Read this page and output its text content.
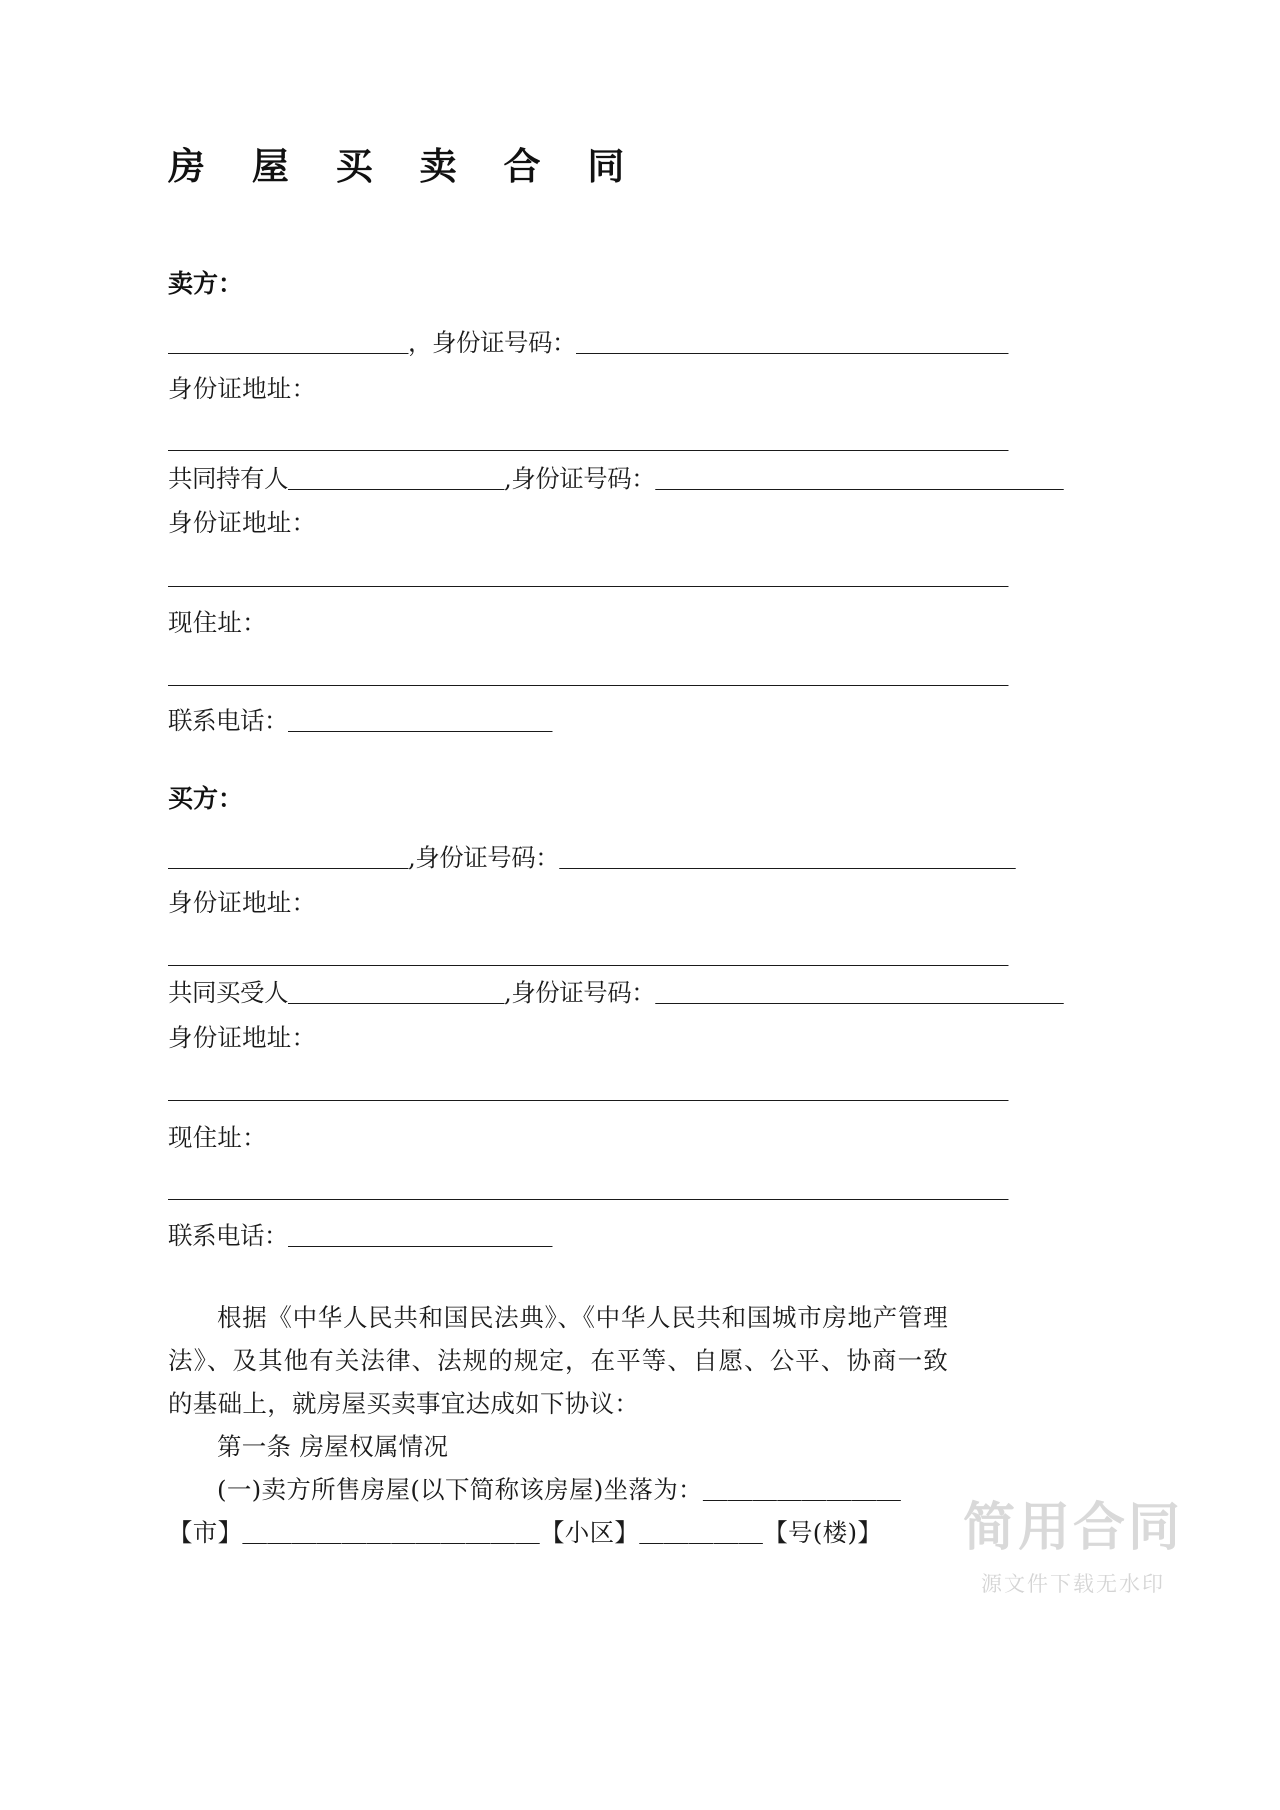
房 屋 买 卖 合 同
卖方：
＿＿＿＿＿＿＿＿＿＿，身份证号码：＿＿＿＿＿＿＿＿＿＿＿＿＿＿＿＿＿＿
身份证地址：
＿＿＿＿＿＿＿＿＿＿＿＿＿＿＿＿＿＿＿＿＿＿＿＿＿＿＿＿＿＿＿＿＿＿＿
共同持有人＿＿＿＿＿＿＿＿＿,身份证号码：＿＿＿＿＿＿＿＿＿＿＿＿＿＿＿＿＿
身份证地址：
＿＿＿＿＿＿＿＿＿＿＿＿＿＿＿＿＿＿＿＿＿＿＿＿＿＿＿＿＿＿＿＿＿＿＿
现住址：
＿＿＿＿＿＿＿＿＿＿＿＿＿＿＿＿＿＿＿＿＿＿＿＿＿＿＿＿＿＿＿＿＿＿＿
联系电话：＿＿＿＿＿＿＿＿＿＿＿
买方：
＿＿＿＿＿＿＿＿＿＿,身份证号码：＿＿＿＿＿＿＿＿＿＿＿＿＿＿＿＿＿＿＿
身份证地址：
＿＿＿＿＿＿＿＿＿＿＿＿＿＿＿＿＿＿＿＿＿＿＿＿＿＿＿＿＿＿＿＿＿＿＿
共同买受人＿＿＿＿＿＿＿＿＿,身份证号码：＿＿＿＿＿＿＿＿＿＿＿＿＿＿＿＿＿
身份证地址：
＿＿＿＿＿＿＿＿＿＿＿＿＿＿＿＿＿＿＿＿＿＿＿＿＿＿＿＿＿＿＿＿＿＿＿
现住址：
＿＿＿＿＿＿＿＿＿＿＿＿＿＿＿＿＿＿＿＿＿＿＿＿＿＿＿＿＿＿＿＿＿＿＿
联系电话：＿＿＿＿＿＿＿＿＿＿＿

根据《中华人民共和国民法典》、《中华人民共和国城市房地产管理法》、及其他有关法律、法规的规定，在平等、自愿、公平、协商一致的基础上，就房屋买卖事宜达成如下协议：

第一条 房屋权属情况

(一)卖方所售房屋(以下简称该房屋)坐落为：＿＿＿＿＿＿＿＿

【市】＿＿＿＿＿＿＿＿＿＿＿＿【小区】＿＿＿＿＿【号(楼)】	简用合同
源文件下载无水印
